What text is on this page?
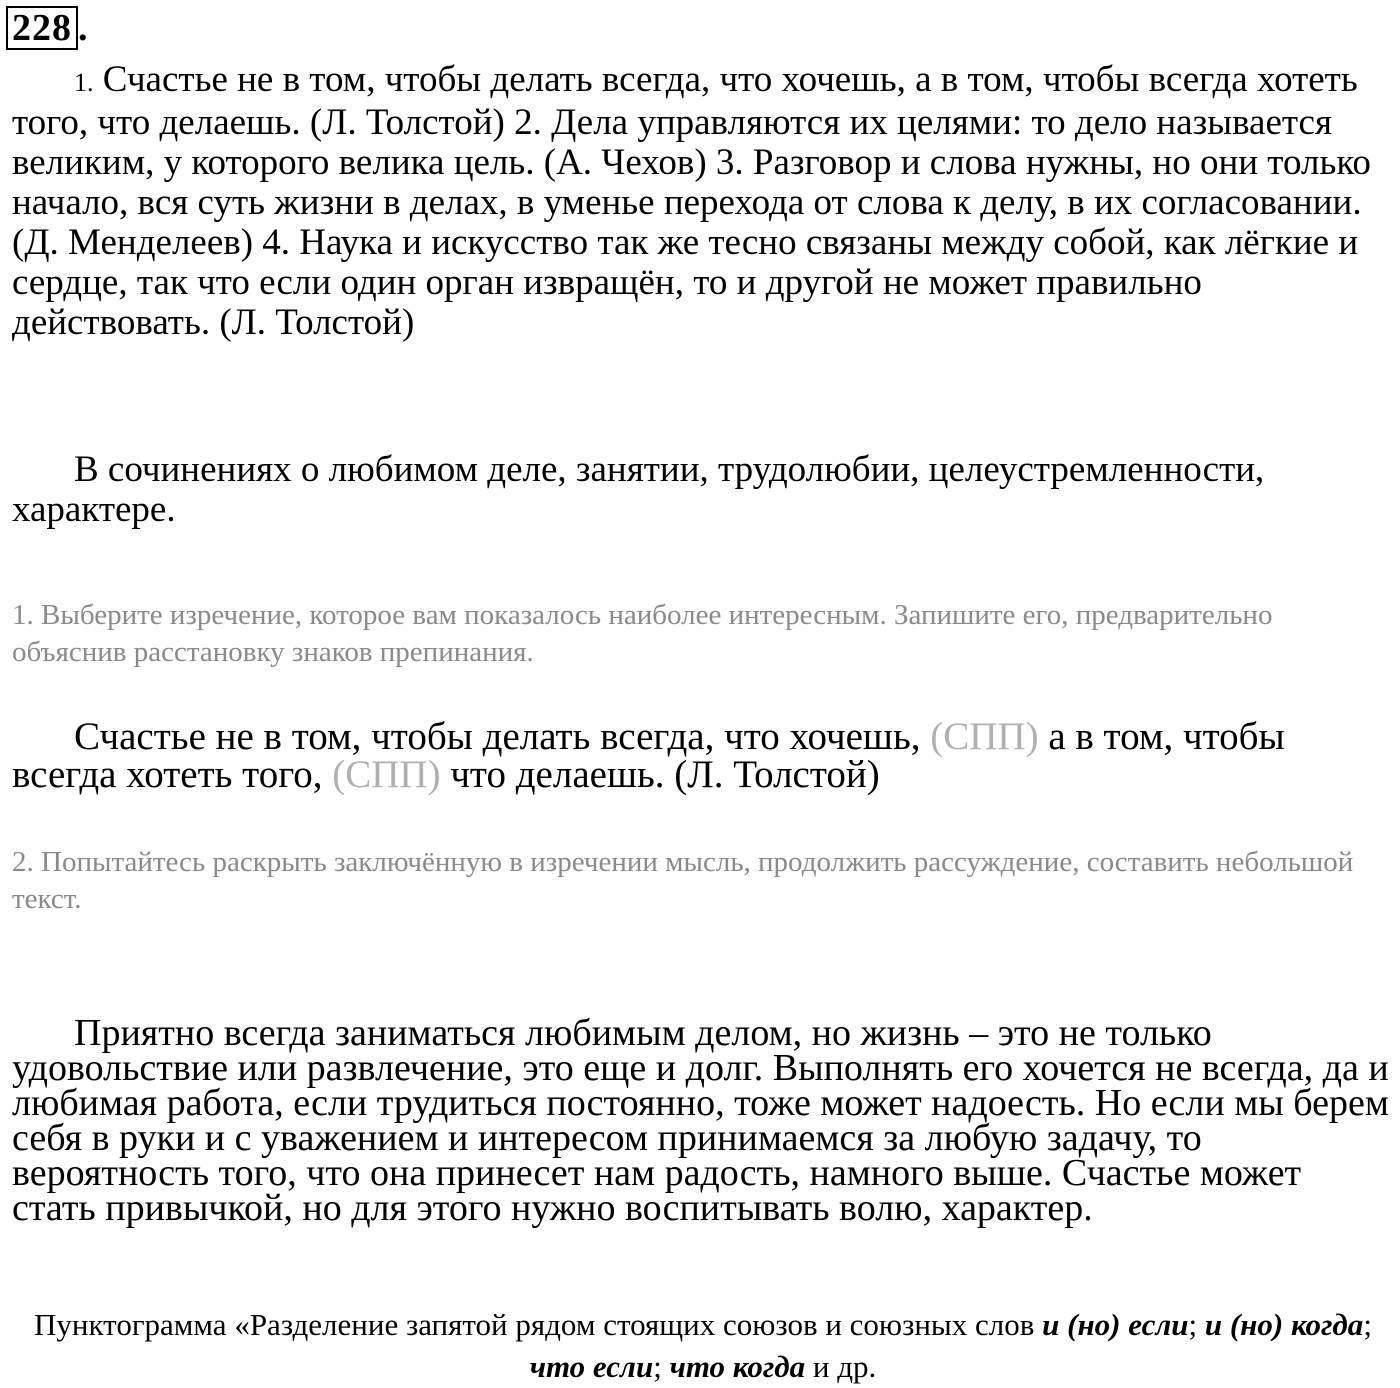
228 .
1. Счастье не в том, чтобы делать всегда, что хочешь, а в том, чтобы всегда хотеть того, что делаешь. (Л. Толстой) 2. Дела управляются их целями: то дело называется великим, у которого велика цель. (А. Чехов) 3. Разговор и слова нужны, но они только начало, вся суть жизни в делах, в уменье перехода от слова к делу, в их согласовании. (Д. Менделеев) 4. Наука и искусство так же тесно связаны между собой, как лёгкие и сердце, так что если один орган извращён, то и другой не может правильно действовать. (Л. Толстой)
В сочинениях о любимом деле, занятии, трудолюбии, целеустремленности, характере.
1. Выберите изречение, которое вам показалось наиболее интересным. Запишите его, предварительно объяснив расстановку знаков препинания.
Счастье не в том, чтобы делать всегда, что хочешь, (СПП) а в том, чтобы всегда хотеть того, (СПП) что делаешь. (Л. Толстой)
2. Попытайтесь раскрыть заключённую в изречении мысль, продолжить рассуждение, составить небольшой текст.
Приятно всегда заниматься любимым делом, но жизнь – это не только удовольствие или развлечение, это еще и долг. Выполнять его хочется не всегда, да и любимая работа, если трудиться постоянно, тоже может надоесть. Но если мы берем себя в руки и с уважением и интересом принимаемся за любую задачу, то вероятность того, что она принесет нам радость, намного выше. Счастье может стать привычкой, но для этого нужно воспитывать волю, характер.
Пунктограмма «Разделение запятой рядом стоящих союзов и союзных слов и (но) если; и (но) когда; что если; что когда и др.
